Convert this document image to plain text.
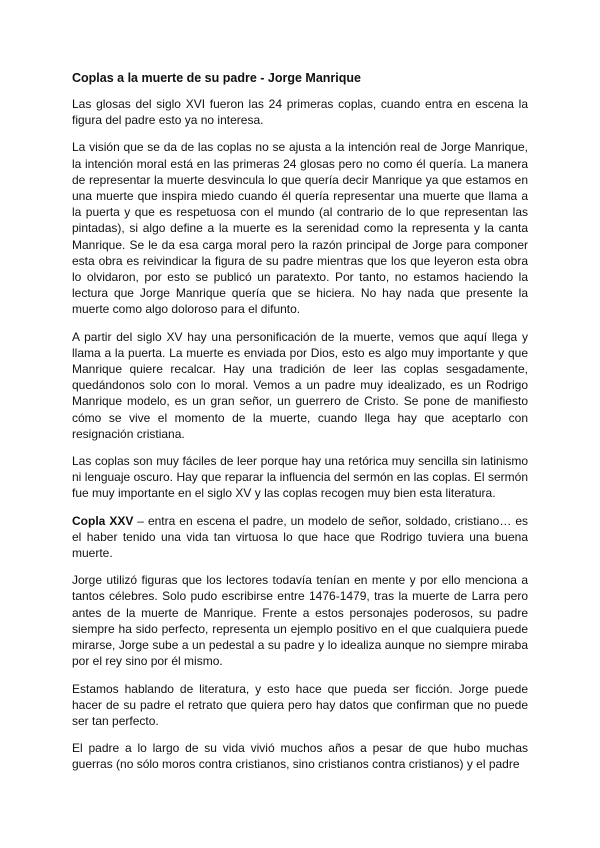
Coplas a la muerte de su padre - Jorge Manrique

Las glosas del siglo XVI fueron las 24 primeras coplas, cuando entra en escena la figura del padre esto ya no interesa.

La visión que se da de las coplas no se ajusta a la intención real de Jorge Manrique, la intención moral está en las primeras 24 glosas pero no como él quería. La manera de representar la muerte desvincula lo que quería decir Manrique ya que estamos en una muerte que inspira miedo cuando él quería representar una muerte que llama a la puerta y que es respetuosa con el mundo (al contrario de lo que representan las pintadas), si algo define a la muerte es la serenidad como la representa y la canta Manrique. Se le da esa carga moral pero la razón principal de Jorge para componer esta obra es reivindicar la figura de su padre mientras que los que leyeron esta obra lo olvidaron, por esto se publicó un paratexto. Por tanto, no estamos haciendo la lectura que Jorge Manrique quería que se hiciera. No hay nada que presente la muerte como algo doloroso para el difunto.

A partir del siglo XV hay una personificación de la muerte, vemos que aquí llega y llama a la puerta. La muerte es enviada por Dios, esto es algo muy importante y que Manrique quiere recalcar. Hay una tradición de leer las coplas sesgadamente, quedándonos solo con lo moral. Vemos a un padre muy idealizado, es un Rodrigo Manrique modelo, es un gran señor, un guerrero de Cristo. Se pone de manifiesto cómo se vive el momento de la muerte, cuando llega hay que aceptarlo con resignación cristiana.

Las coplas son muy fáciles de leer porque hay una retórica muy sencilla sin latinismo ni lenguaje oscuro. Hay que reparar la influencia del sermón en las coplas. El sermón fue muy importante en el siglo XV y las coplas recogen muy bien esta literatura.

Copla XXV – entra en escena el padre, un modelo de señor, soldado, cristiano… es el haber tenido una vida tan virtuosa lo que hace que Rodrigo tuviera una buena muerte.

Jorge utilizó figuras que los lectores todavía tenían en mente y por ello menciona a tantos célebres. Solo pudo escribirse entre 1476-1479, tras la muerte de Larra pero antes de la muerte de Manrique. Frente a estos personajes poderosos, su padre siempre ha sido perfecto, representa un ejemplo positivo en el que cualquiera puede mirarse, Jorge sube a un pedestal a su padre y lo idealiza aunque no siempre miraba por el rey sino por él mismo.

Estamos hablando de literatura, y esto hace que pueda ser ficción. Jorge puede hacer de su padre el retrato que quiera pero hay datos que confirman que no puede ser tan perfecto.

El padre a lo largo de su vida vivió muchos años a pesar de que hubo muchas guerras (no sólo moros contra cristianos, sino cristianos contra cristianos) y el padre
